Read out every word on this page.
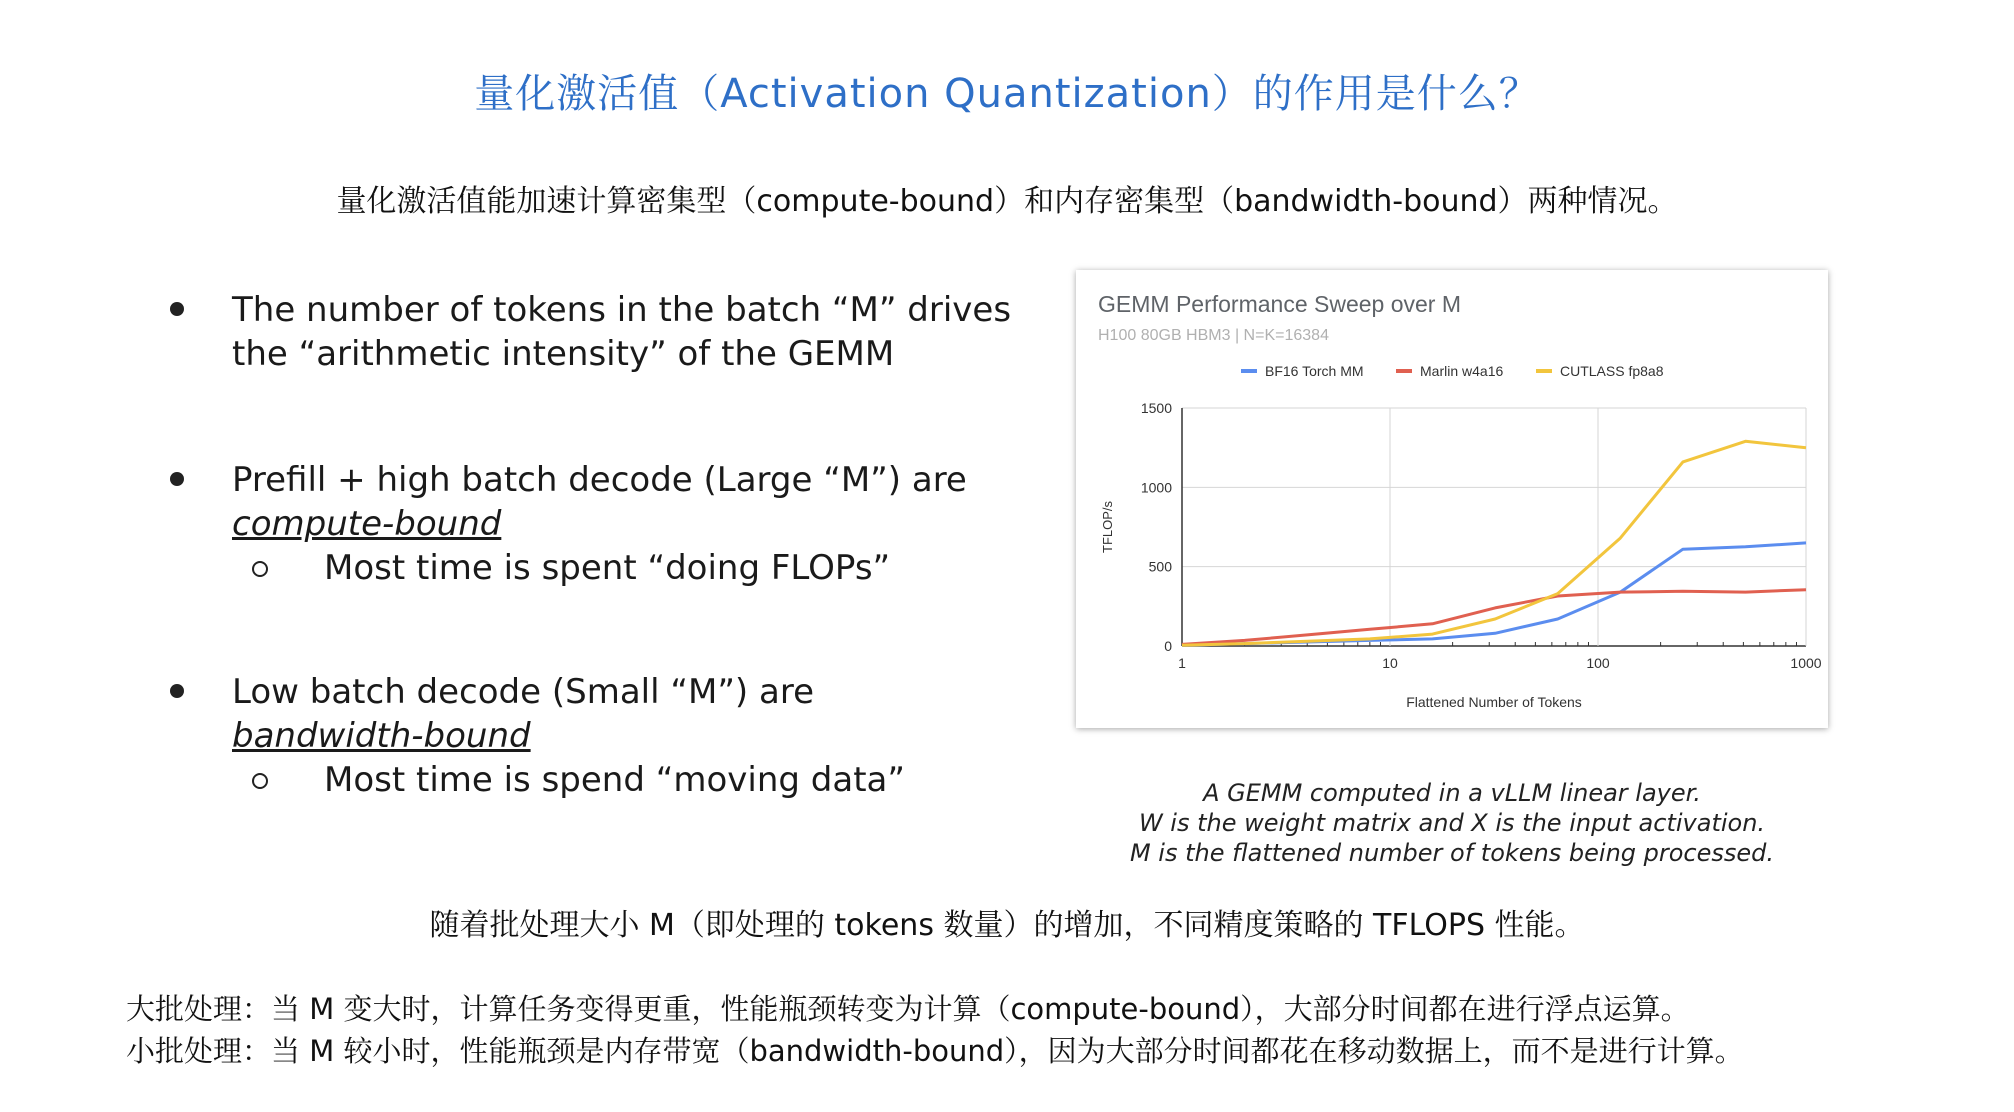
量化激活值（Activation Quantization）的作用是什么？
量化激活值能加速计算密集型（compute-bound）和内存密集型（bandwidth-bound）两种情况。
The number of tokens in the batch “M” drives the “arithmetic intensity” of the GEMM
Prefill + high batch decode (Large “M”) are
compute-bound
Most time is spent “doing FLOPs”
Low batch decode (Small “M”) are
bandwidth-bound
Most time is spend “moving data”
GEMM Performance Sweep over M
H100 80GB HBM3 | N=K=16384
BF16 Torch MM	Marlin w4a16	CUTLASS fp8a8
0
500
1000
1500
1	10	100	1000
Flattened Number of Tokens
TFLOP/s
A GEMM computed in a vLLM linear layer.
W is the weight matrix and X is the input activation.
M is the flattened number of tokens being processed.
随着批处理大小 M（即处理的 tokens 数量）的增加，不同精度策略的 TFLOPS 性能。
大批处理：当 M 变大时，计算任务变得更重，性能瓶颈转变为计算（compute-bound），大部分时间都在进行浮点运算。
小批处理：当 M 较小时，性能瓶颈是内存带宽（bandwidth-bound），因为大部分时间都花在移动数据上，而不是进行计算。
